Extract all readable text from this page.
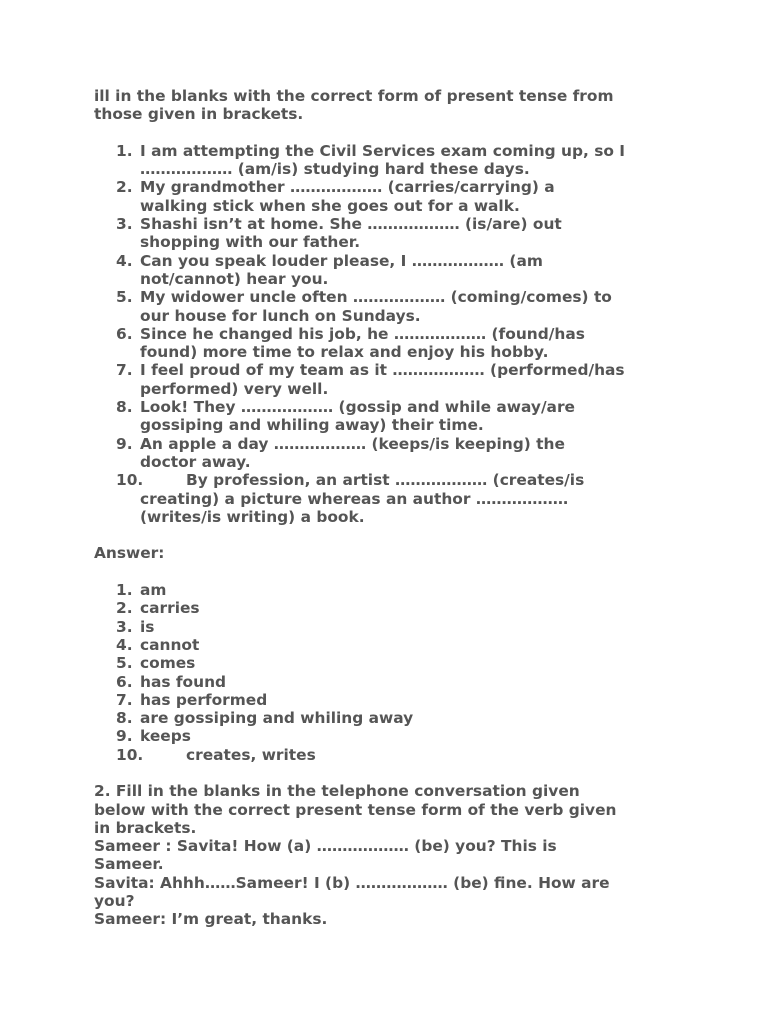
ill in the blanks with the correct form of present tense from
those given in brackets.

1. I am attempting the Civil Services exam coming up, so I
……………… (am/is) studying hard these days.
2. My grandmother ……………… (carries/carrying) a
walking stick when she goes out for a walk.
3. Shashi isn’t at home. She ……………… (is/are) out
shopping with our father.
4. Can you speak louder please, I ……………… (am
not/cannot) hear you.
5. My widower uncle often ……………… (coming/comes) to
our house for lunch on Sundays.
6. Since he changed his job, he ……………… (found/has
found) more time to relax and enjoy his hobby.
7. I feel proud of my team as it ……………… (performed/has
performed) very well.
8. Look! They ……………… (gossip and while away/are
gossiping and whiling away) their time.
9. An apple a day ……………… (keeps/is keeping) the
doctor away.
10.	By profession, an artist ……………… (creates/is
creating) a picture whereas an author ………………
(writes/is writing) a book.

Answer:

1. am
2. carries
3. is
4. cannot
5. comes
6. has found
7. has performed
8. are gossiping and whiling away
9. keeps
10.	creates, writes

2. Fill in the blanks in the telephone conversation given
below with the correct present tense form of the verb given
in brackets.
Sameer : Savita! How (a) ……………… (be) you? This is
Sameer.
Savita: Ahhh……Sameer! I (b) ……………… (be) fine. How are
you?
Sameer: I’m great, thanks.
